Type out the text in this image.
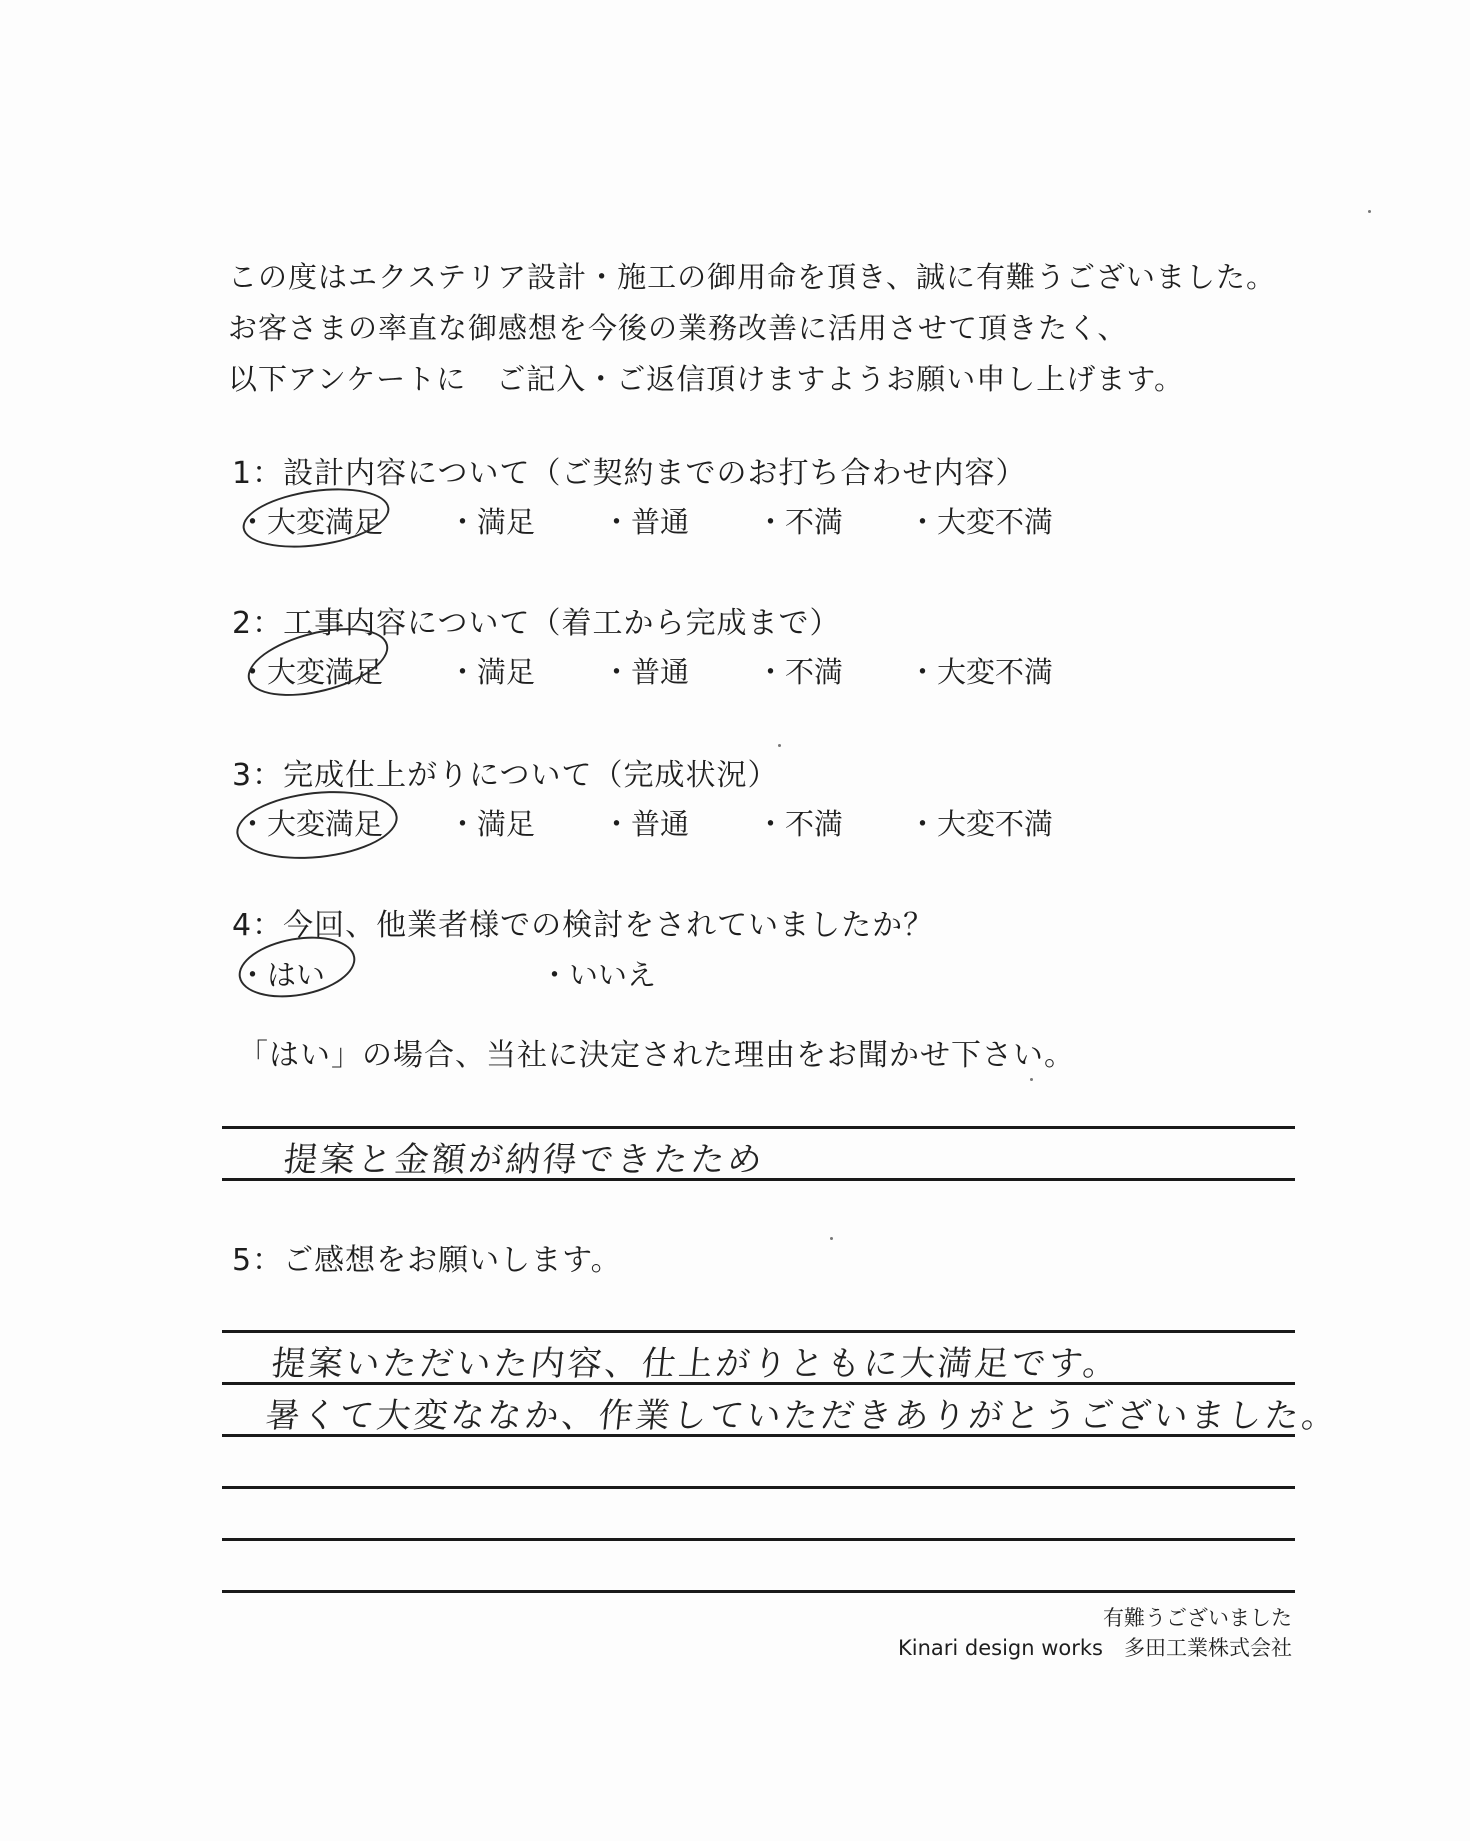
この度はエクステリア設計・施工の御用命を頂き、誠に有難うございました。
お客さまの率直な御感想を今後の業務改善に活用させて頂きたく、
以下アンケートに　ご記入・ご返信頂けますようお願い申し上げます。
1：設計内容について（ご契約までのお打ち合わせ内容）
・ 大変満足	・ 満足	・ 普通	・ 不満	・ 大変不満
2：工事内容について（着工から完成まで）
・ 大変満足	・ 満足	・ 普通	・ 不満	・ 大変不満
3：完成仕上がりについて（完成状況）
・ 大変満足	・ 満足	・ 普通	・ 不満	・ 大変不満
4：今回、他業者様での検討をされていましたか？
・ はい	・ いいえ
「はい」の場合、当社に決定された理由をお聞かせ下さい。
提案と金額が納得できたため
5：ご感想をお願いします。
提案いただいた内容、仕上がりともに大満足です。
暑くて大変ななか、作業していただきありがとうございました。
有難うございました
Kinari design works　多田工業株式会社
